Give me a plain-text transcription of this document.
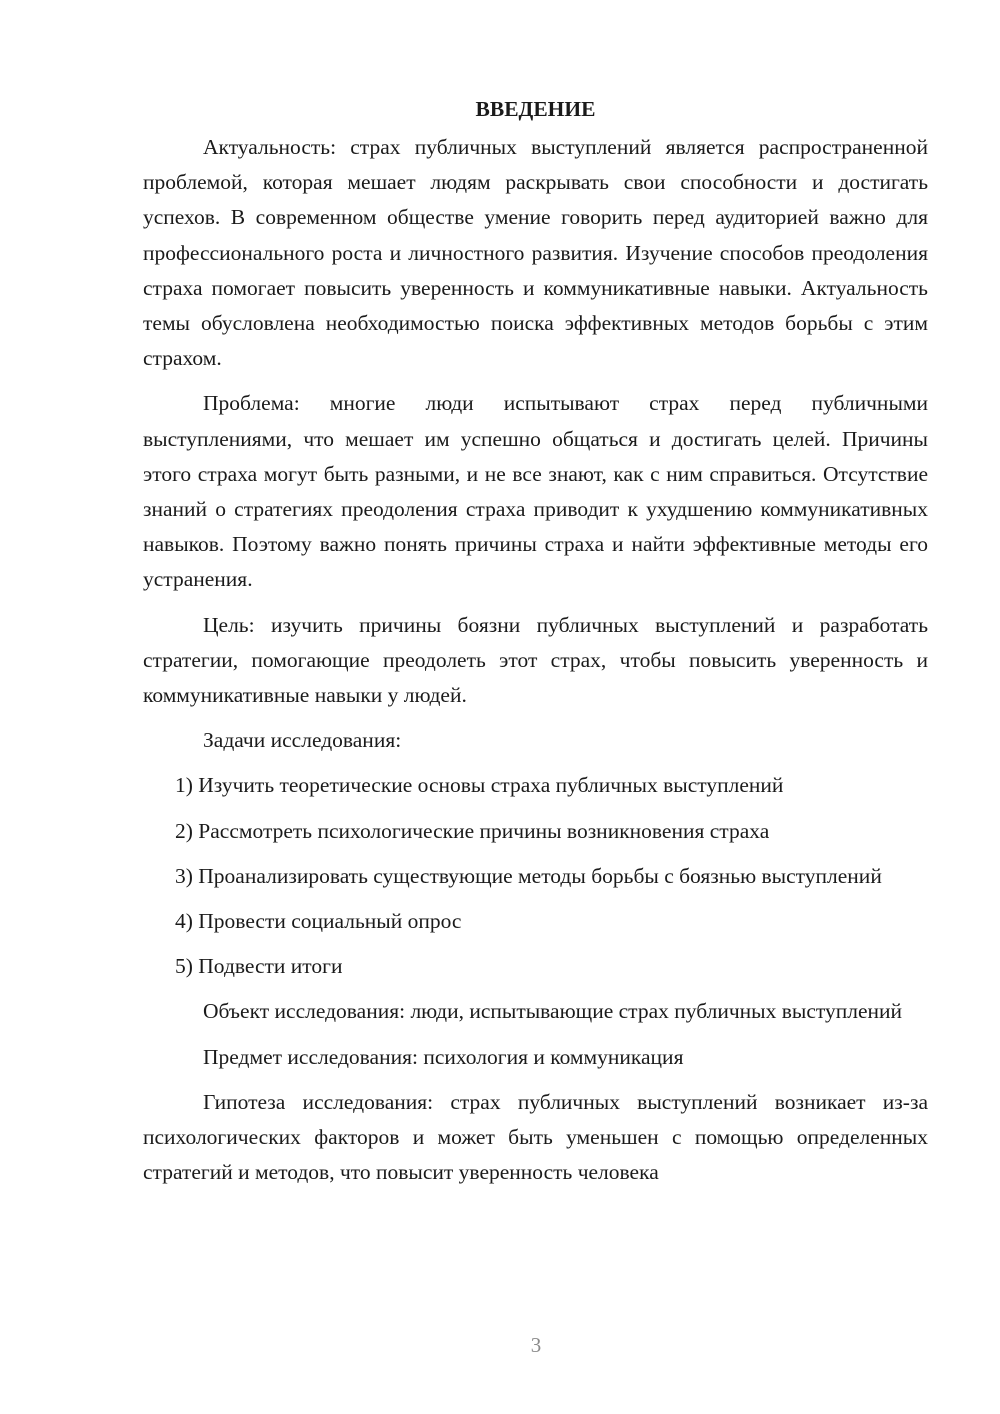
ВВЕДЕНИЕ

Актуальность: страх публичных выступлений является распространенной проблемой, которая мешает людям раскрывать свои способности и достигать успехов. В современном обществе умение говорить перед аудиторией важно для профессионального роста и личностного развития. Изучение способов преодоления страха помогает повысить уверенность и коммуникативные навыки. Актуальность темы обусловлена необходимостью поиска эффективных методов борьбы с этим страхом.

Проблема: многие люди испытывают страх перед публичными выступлениями, что мешает им успешно общаться и достигать целей. Причины этого страха могут быть разными, и не все знают, как с ним справиться. Отсутствие знаний о стратегиях преодоления страха приводит к ухудшению коммуникативных навыков. Поэтому важно понять причины страха и найти эффективные методы его устранения.

Цель: изучить причины боязни публичных выступлений и разработать стратегии, помогающие преодолеть этот страх, чтобы повысить уверенность и коммуникативные навыки у людей.

Задачи исследования:

1) Изучить теоретические основы страха публичных выступлений

2) Рассмотреть психологические причины возникновения страха

3) Проанализировать существующие методы борьбы с боязнью выступлений

4) Провести социальный опрос

5) Подвести итоги

Объект исследования: люди, испытывающие страх публичных выступлений

Предмет исследования: психология и коммуникация

Гипотеза исследования: страх публичных выступлений возникает из-за психологических факторов и может быть уменьшен с помощью определенных стратегий и методов, что повысит уверенность человека

3
